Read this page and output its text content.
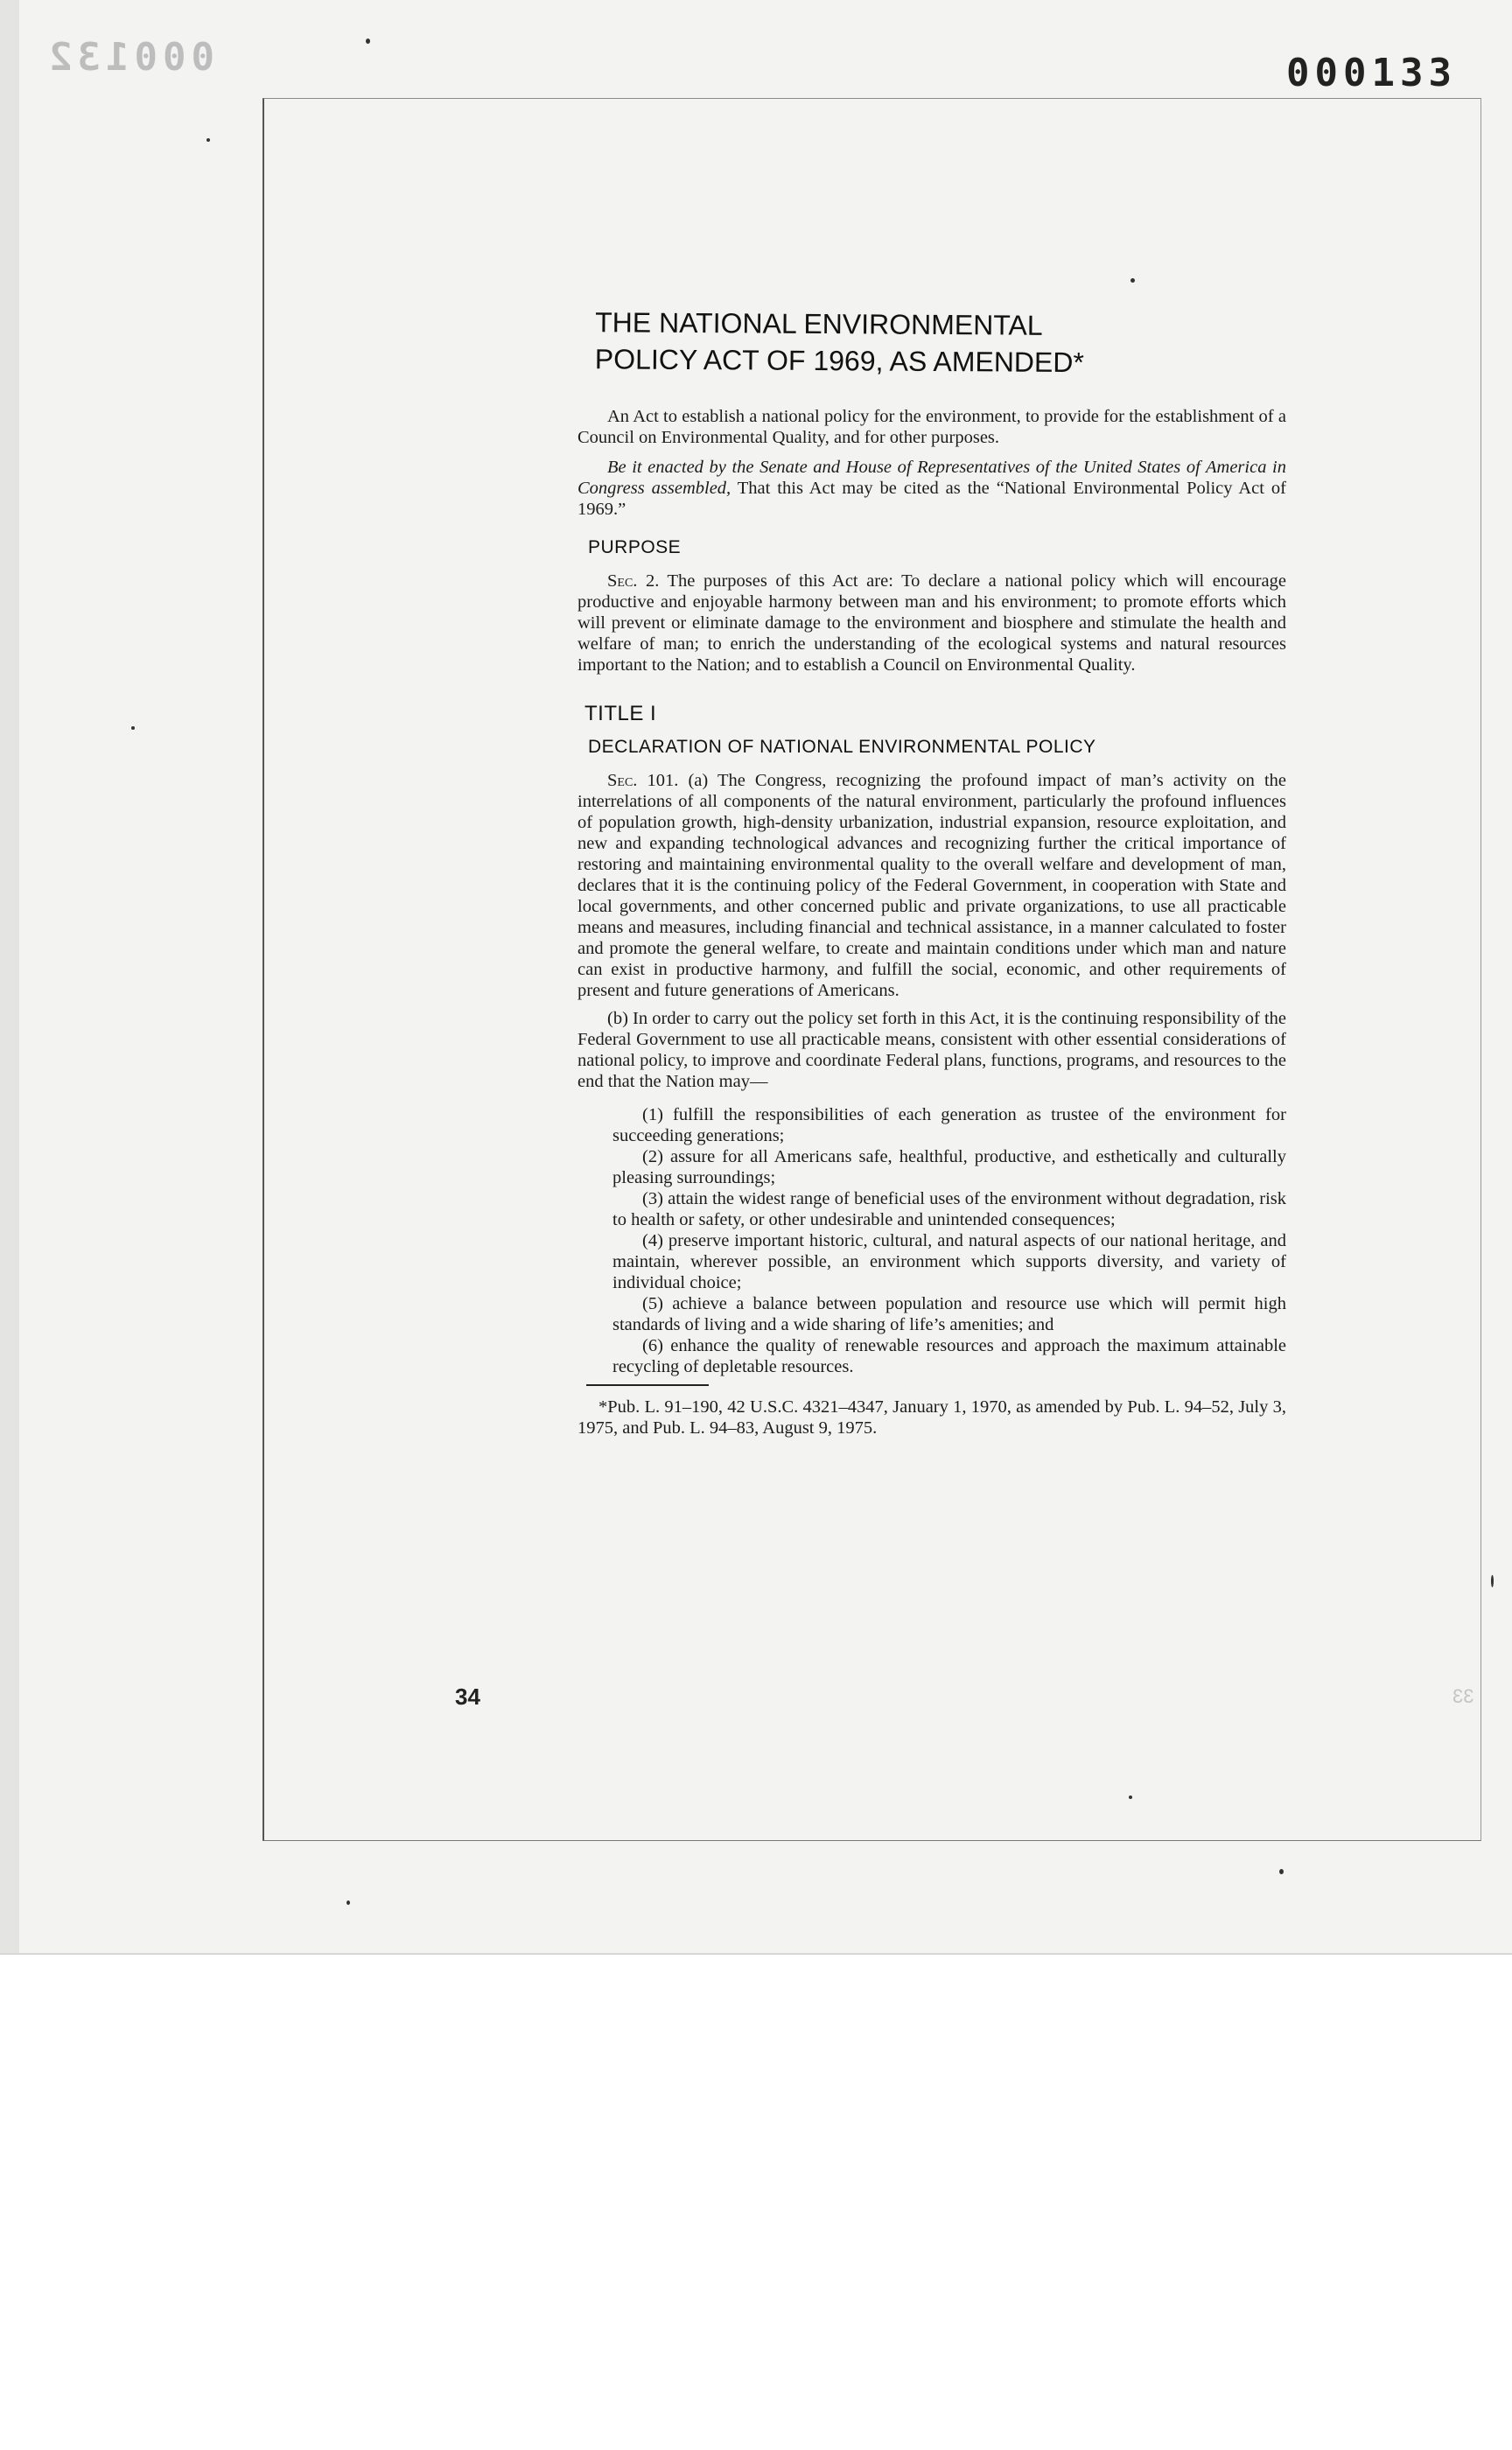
000132	000133
33
THE NATIONAL ENVIRONMENTAL
POLICY ACT OF 1969, AS AMENDED*

An Act to establish a national policy for the environment, to provide for the establishment of a Council on Environmental Quality, and for other purposes.

Be it enacted by the Senate and House of Representatives of the United States of America in Congress assembled, That this Act may be cited as the “National Environmental Policy Act of 1969.”

PURPOSE

Sec. 2. The purposes of this Act are: To declare a national policy which will encourage productive and enjoyable harmony between man and his environment; to promote efforts which will prevent or eliminate damage to the environment and biosphere and stimulate the health and welfare of man; to enrich the understanding of the ecological systems and natural resources important to the Nation; and to establish a Council on Environmental Quality.

TITLE I
DECLARATION OF NATIONAL ENVIRONMENTAL POLICY

Sec. 101. (a) The Congress, recognizing the profound impact of man’s activity on the interrelations of all components of the natural environment, particularly the profound influences of population growth, high-density urbanization, industrial expansion, resource exploitation, and new and expanding technological advances and recognizing further the critical importance of restoring and maintaining environmental quality to the overall welfare and development of man, declares that it is the continuing policy of the Federal Government, in cooperation with State and local governments, and other concerned public and private organizations, to use all practicable means and measures, including financial and technical assistance, in a manner calculated to foster and promote the general welfare, to create and maintain conditions under which man and nature can exist in productive harmony, and fulfill the social, economic, and other requirements of present and future generations of Americans.

(b) In order to carry out the policy set forth in this Act, it is the continuing responsibility of the Federal Government to use all practicable means, consistent with other essential considerations of national policy, to improve and coordinate Federal plans, functions, programs, and resources to the end that the Nation may—

(1) fulfill the responsibilities of each generation as trustee of the environment for succeeding generations;

(2) assure for all Americans safe, healthful, productive, and esthetically and culturally pleasing surroundings;

(3) attain the widest range of beneficial uses of the environment without degradation, risk to health or safety, or other undesirable and unintended consequences;

(4) preserve important historic, cultural, and natural aspects of our national heritage, and maintain, wherever possible, an environment which supports diversity, and variety of individual choice;

(5) achieve a balance between population and resource use which will permit high standards of living and a wide sharing of life’s amenities; and

(6) enhance the quality of renewable resources and approach the maximum attainable recycling of depletable resources.

*Pub. L. 91–190, 42 U.S.C. 4321–4347, January 1, 1970, as amended by Pub. L. 94–52, July 3, 1975, and Pub. L. 94–83, August 9, 1975.

34
